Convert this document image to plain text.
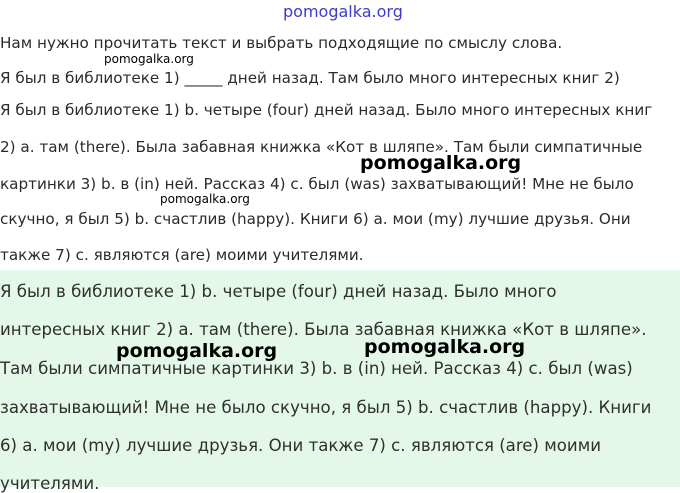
pomogalka.org
Нам нужно прочитать текст и выбрать подходящие по смыслу слова.
Я был в библиотеке 1) _____ дней назад. Там было много интересных книг 2)
Я был в библиотеке 1) b. четыре (four) дней назад. Было много интересных книг
2) a. там (there). Была забавная книжка «Кот в шляпе». Там были симпатичные
картинки 3) b. в (in) ней. Рассказ 4) c. был (was) захватывающий! Мне не было
скучно, я был 5) b. счастлив (happy). Книги 6) a. мои (my) лучшие друзья. Они
также 7) c. являются (are) моими учителями.
Я был в библиотеке 1) b. четыре (four) дней назад. Было много
интересных книг 2) a. там (there). Была забавная книжка «Кот в шляпе».
Там были симпатичные картинки 3) b. в (in) ней. Рассказ 4) c. был (was)
захватывающий! Мне не было скучно, я был 5) b. счастлив (happy). Книги
6) a. мои (my) лучшие друзья. Они также 7) c. являются (are) моими
учителями.
pomogalka.org
pomogalka.org
pomogalka.org
pomogalka.org	pomogalka.org
